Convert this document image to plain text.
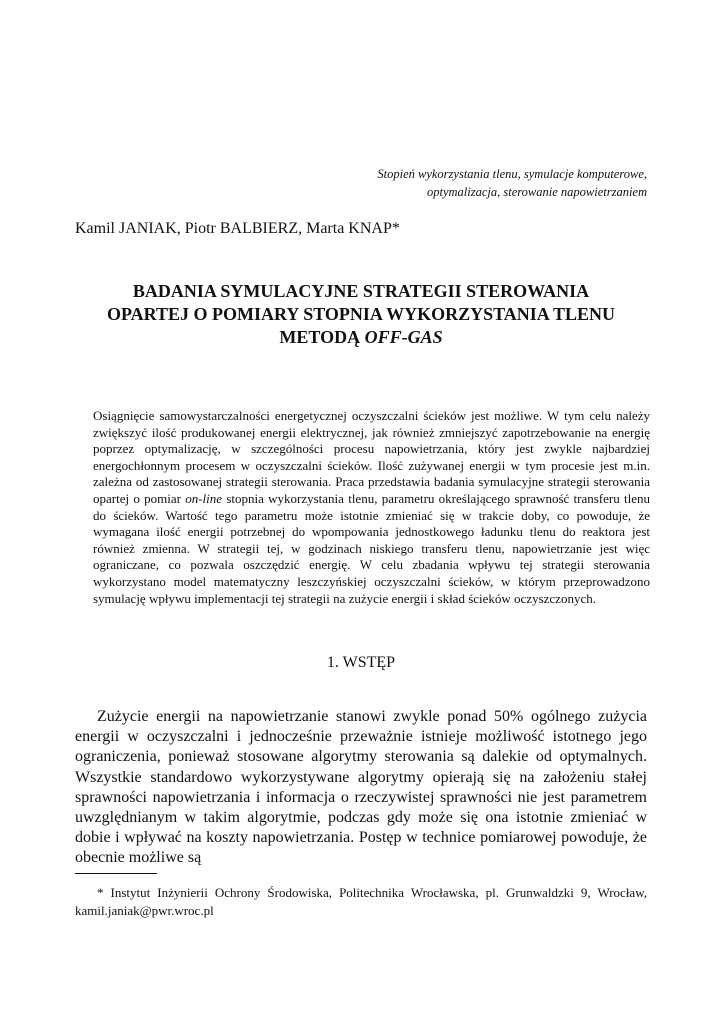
Stopień wykorzystania tlenu, symulacje komputerowe,
optymalizacja, sterowanie napowietrzaniem
Kamil JANIAK, Piotr BALBIERZ, Marta KNAP*
BADANIA SYMULACYJNE STRATEGII STEROWANIA
OPARTEJ O POMIARY STOPNIA WYKORZYSTANIA TLENU
METODĄ OFF-GAS

Osiągnięcie samowystarczalności energetycznej oczyszczalni ścieków jest możliwe. W tym celu należy zwiększyć ilość produkowanej energii elektrycznej, jak również zmniejszyć zapotrzebowanie na energię poprzez optymalizację, w szczególności procesu napowietrzania, który jest zwykle najbardziej energochłonnym procesem w oczyszczalni ścieków. Ilość zużywanej energii w tym procesie jest m.in. zależna od zastosowanej strategii sterowania. Praca przedstawia badania symulacyjne strategii sterowania opartej o pomiar on-line stopnia wykorzystania tlenu, parametru określającego sprawność transferu tlenu do ścieków. Wartość tego parametru może istotnie zmieniać się w trakcie doby, co powoduje, że wymagana ilość energii potrzebnej do wpompowania jednostkowego ładunku tlenu do reaktora jest również zmienna. W strategii tej, w godzinach niskiego transferu tlenu, napowietrzanie jest więc ograniczane, co pozwala oszczędzić energię. W celu zbadania wpływu tej strategii sterowania wykorzystano model matematyczny leszczyńskiej oczyszczalni ścieków, w którym przeprowadzono symulację wpływu implementacji tej strategii na zużycie energii i skład ścieków oczyszczonych.

1. WSTĘP

Zużycie energii na napowietrzanie stanowi zwykle ponad 50% ogólnego zużycia energii w oczyszczalni i jednocześnie przeważnie istnieje możliwość istotnego jego ograniczenia, ponieważ stosowane algorytmy sterowania są dalekie od optymalnych. Wszystkie standardowo wykorzystywane algorytmy opierają się na założeniu stałej sprawności napowietrzania i informacja o rzeczywistej sprawności nie jest parametrem uwzględnianym w takim algorytmie, podczas gdy może się ona istotnie zmieniać w dobie i wpływać na koszty napowietrzania. Postęp w technice pomiarowej powoduje, że obecnie możliwe są

* Instytut Inżynierii Ochrony Środowiska, Politechnika Wrocławska, pl. Grunwaldzki 9, Wrocław, kamil.janiak@pwr.wroc.pl
